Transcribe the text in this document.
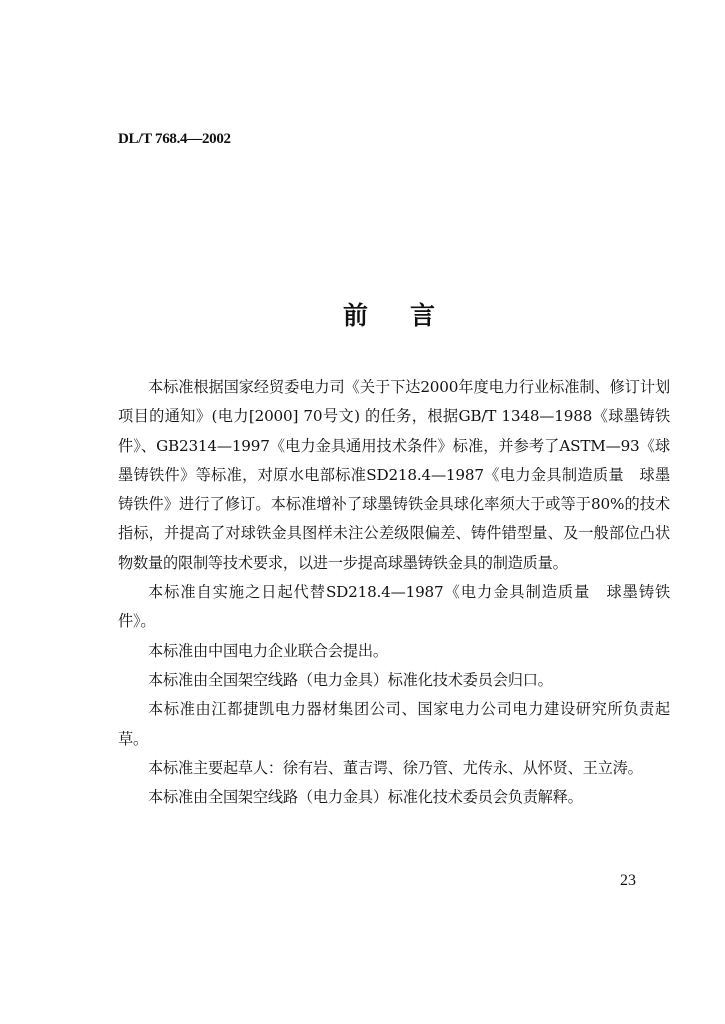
DL/T 768.4—2002
前 言

本标准根据国家经贸委电力司《关于下达2000年度电力行业标准制、修订计划项目的通知》(电力[2000] 70号文) 的任务，根据GB/T 1348—1988《球墨铸铁件》、GB2314—1997《电力金具通用技术条件》标准，并参考了ASTM—93《球墨铸铁件》等标准，对原水电部标准SD218.4—1987《电力金具制造质量　球墨铸铁件》进行了修订。本标准增补了球墨铸铁金具球化率须大于或等于80%的技术指标，并提高了对球铁金具图样未注公差级限偏差、铸件错型量、及一般部位凸状物数量的限制等技术要求，以进一步提高球墨铸铁金具的制造质量。

本标准自实施之日起代替SD218.4—1987《电力金具制造质量　球墨铸铁件》。

本标准由中国电力企业联合会提出。

本标准由全国架空线路（电力金具）标准化技术委员会归口。

本标准由江都捷凯电力器材集团公司、国家电力公司电力建设研究所负责起草。

本标准主要起草人：徐有岩、董吉谔、徐乃管、尤传永、从怀贤、王立涛。

本标准由全国架空线路（电力金具）标准化技术委员会负责解释。

23
